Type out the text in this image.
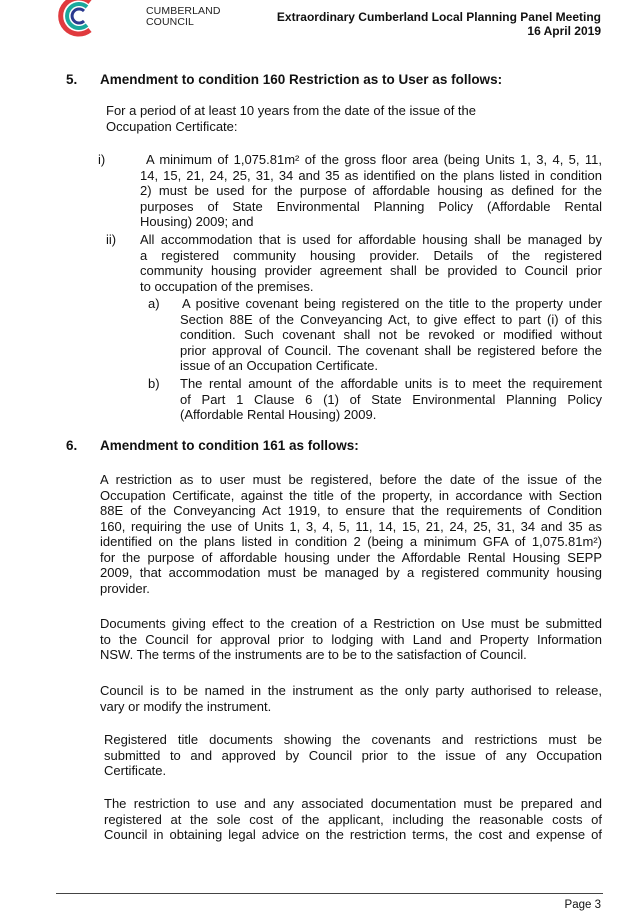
CUMBERLAND
COUNCIL	Extraordinary Cumberland Local Planning Panel Meeting
16 April 2019
5. Amendment to condition 160 Restriction as to User as follows:
For a period of at least 10 years from the date of the issue of the
Occupation Certificate:
i)	A minimum of 1,075.81m² of the gross floor area (being Units 1, 3, 4, 5, 11,
14, 15, 21, 24, 25, 31, 34 and 35 as identified on the plans listed in condition
2) must be used for the purpose of affordable housing as defined for the
purposes of State Environmental Planning Policy (Affordable Rental
Housing) 2009; and
ii) All accommodation that is used for affordable housing shall be managed by
a registered community housing provider. Details of the registered
community housing provider agreement shall be provided to Council prior
to occupation of the premises.
a) A positive covenant being registered on the title to the property under
Section 88E of the Conveyancing Act, to give effect to part (i) of this
condition. Such covenant shall not be revoked or modified without
prior approval of Council. The covenant shall be registered before the
issue of an Occupation Certificate.
b) The rental amount of the affordable units is to meet the requirement
of Part 1 Clause 6 (1) of State Environmental Planning Policy
(Affordable Rental Housing) 2009.
6. Amendment to condition 161 as follows:
A restriction as to user must be registered, before the date of the issue of the
Occupation Certificate, against the title of the property, in accordance with Section
88E of the Conveyancing Act 1919, to ensure that the requirements of Condition
160, requiring the use of Units 1, 3, 4, 5, 11, 14, 15, 21, 24, 25, 31, 34 and 35 as
identified on the plans listed in condition 2 (being a minimum GFA of 1,075.81m²)
for the purpose of affordable housing under the Affordable Rental Housing SEPP
2009, that accommodation must be managed by a registered community housing
provider.
Documents giving effect to the creation of a Restriction on Use must be submitted
to the Council for approval prior to lodging with Land and Property Information
NSW. The terms of the instruments are to be to the satisfaction of Council.
Council is to be named in the instrument as the only party authorised to release,
vary or modify the instrument.
Registered title documents showing the covenants and restrictions must be
submitted to and approved by Council prior to the issue of any Occupation
Certificate.
The restriction to use and any associated documentation must be prepared and
registered at the sole cost of the applicant, including the reasonable costs of
Council in obtaining legal advice on the restriction terms, the cost and expense of
Page 3
